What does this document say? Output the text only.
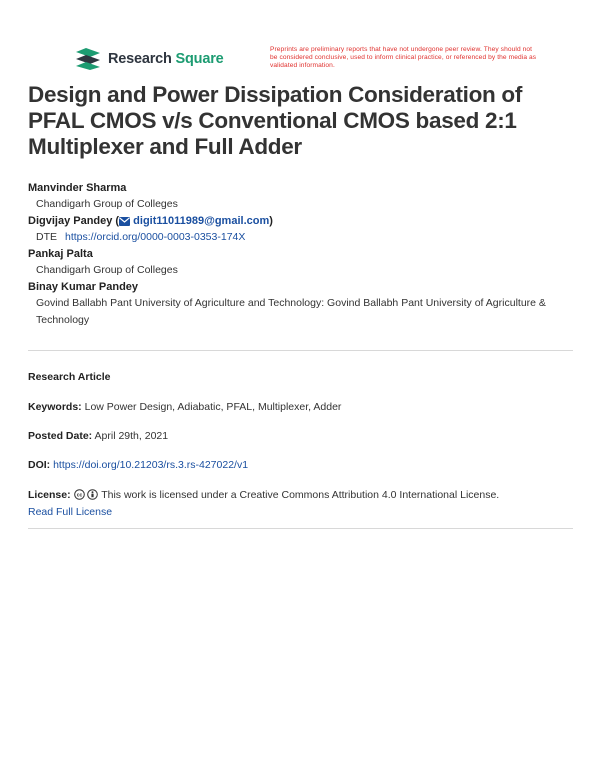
Research Square
Preprints are preliminary reports that have not undergone peer review. They should not be considered conclusive, used to inform clinical practice, or referenced by the media as validated information.
Design and Power Dissipation Consideration of PFAL CMOS v/s Conventional CMOS based 2:1 Multiplexer and Full Adder
Manvinder Sharma
Chandigarh Group of Colleges
Digvijay Pandey ( digit11011989@gmail.com)
DTE https://orcid.org/0000-0003-0353-174X
Pankaj Palta
Chandigarh Group of Colleges
Binay Kumar Pandey
Govind Ballabh Pant University of Agriculture and Technology: Govind Ballabh Pant University of Agriculture & Technology
Research Article
Keywords: Low Power Design, Adiabatic, PFAL, Multiplexer, Adder
Posted Date: April 29th, 2021
DOI: https://doi.org/10.21203/rs.3.rs-427022/v1
License: cc This work is licensed under a Creative Commons Attribution 4.0 International License.
Read Full License
